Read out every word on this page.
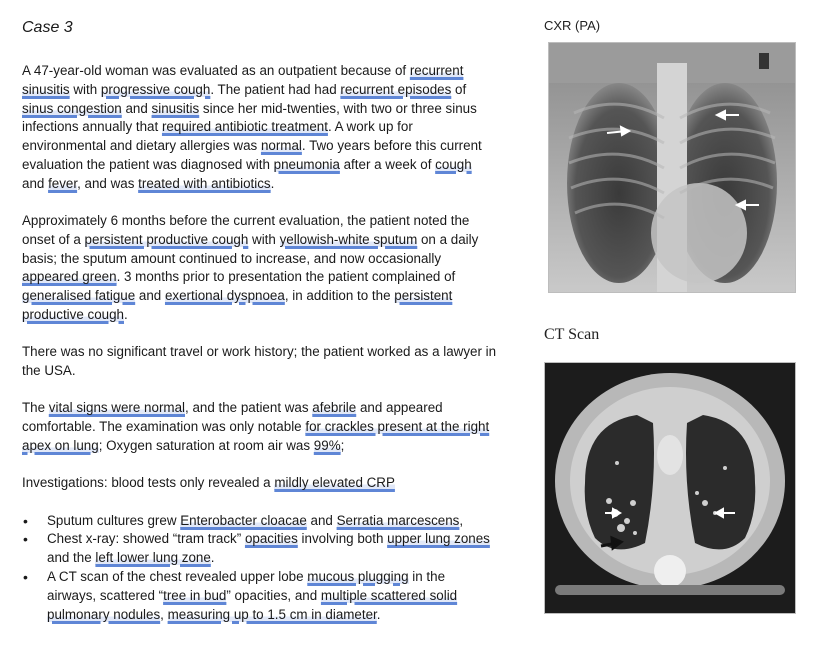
Case 3

A 47-year-old woman was evaluated as an outpatient because of recurrent sinusitis with progressive cough. The patient had had recurrent episodes of sinus congestion and sinusitis since her mid-twenties, with two or three sinus infections annually that required antibiotic treatment. A work up for environmental and dietary allergies was normal. Two years before this current evaluation the patient was diagnosed with pneumonia after a week of cough and fever, and was treated with antibiotics.

Approximately 6 months before the current evaluation, the patient noted the onset of a persistent productive cough with yellowish-white sputum on a daily basis; the sputum amount continued to increase, and now occasionally appeared green. 3 months prior to presentation the patient complained of generalised fatigue and exertional dyspnoea, in addition to the persistent productive cough.

There was no significant travel or work history; the patient worked as a lawyer in the USA.

The vital signs were normal, and the patient was afebrile and appeared comfortable. The examination was only notable for crackles present at the right apex on lung; Oxygen saturation at room air was 99%;

Investigations: blood tests only revealed a mildly elevated CRP

• Sputum cultures grew Enterobacter cloacae and Serratia marcescens,
• Chest x-ray: showed “tram track” opacities involving both upper lung zones and the left lower lung zone.
• A CT scan of the chest revealed upper lobe mucous plugging in the airways, scattered “tree in bud” opacities, and multiple scattered solid pulmonary nodules, measuring up to 1.5 cm in diameter.
CXR (PA)
CT Scan
